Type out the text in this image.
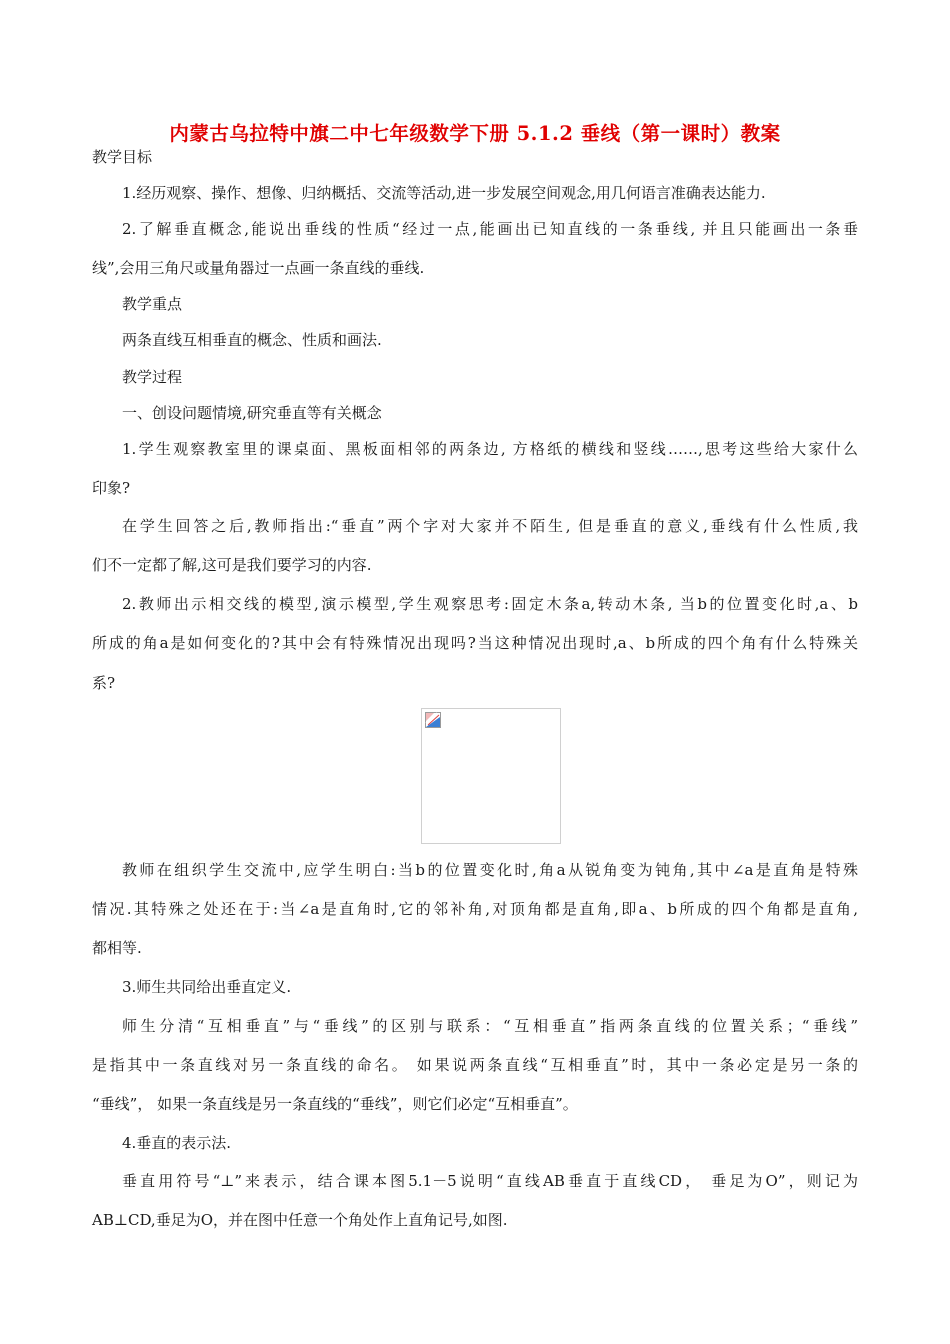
内蒙古乌拉特中旗二中七年级数学下册 5.1.2 垂线（第一课时）教案
教学目标
1.经历观察、操作、想像、归纳概括、交流等活动,进一步发展空间观念,用几何语言准确表达能力.
2.了解垂直概念,能说出垂线的性质“经过一点,能画出已知直线的一条垂线, 并且只能画出一条垂
线”,会用三角尺或量角器过一点画一条直线的垂线.
教学重点
两条直线互相垂直的概念、性质和画法.
教学过程
一、创设问题情境,研究垂直等有关概念
1.学生观察教室里的课桌面、黑板面相邻的两条边, 方格纸的横线和竖线……,思考这些给大家什么
印象?
在学生回答之后,教师指出:“垂直”两个字对大家并不陌生, 但是垂直的意义,垂线有什么性质,我
们不一定都了解,这可是我们要学习的内容.
2.教师出示相交线的模型,演示模型,学生观察思考:固定木条a,转动木条, 当b的位置变化时,a、b
所成的角a是如何变化的?其中会有特殊情况出现吗?当这种情况出现时,a、b所成的四个角有什么特殊关
系?
教师在组织学生交流中,应学生明白:当b的位置变化时,角a从锐角变为钝角,其中∠a是直角是特殊
情况.其特殊之处还在于:当∠a是直角时,它的邻补角,对顶角都是直角,即a、b所成的四个角都是直角,
都相等.
3.师生共同给出垂直定义.
师生分清“互相垂直”与“垂线”的区别与联系：“互相垂直”指两条直线的位置关系；“垂线”
是指其中一条直线对另一条直线的命名。 如果说两条直线“互相垂直”时，其中一条必定是另一条的
“垂线”， 如果一条直线是另一条直线的“垂线”，则它们必定“互相垂直”。
4.垂直的表示法.
垂直用符号“⊥”来表示，结合课本图5.1－5说明“直线AB垂直于直线CD， 垂足为O”，则记为
AB⊥CD,垂足为O，并在图中任意一个角处作上直角记号,如图.
